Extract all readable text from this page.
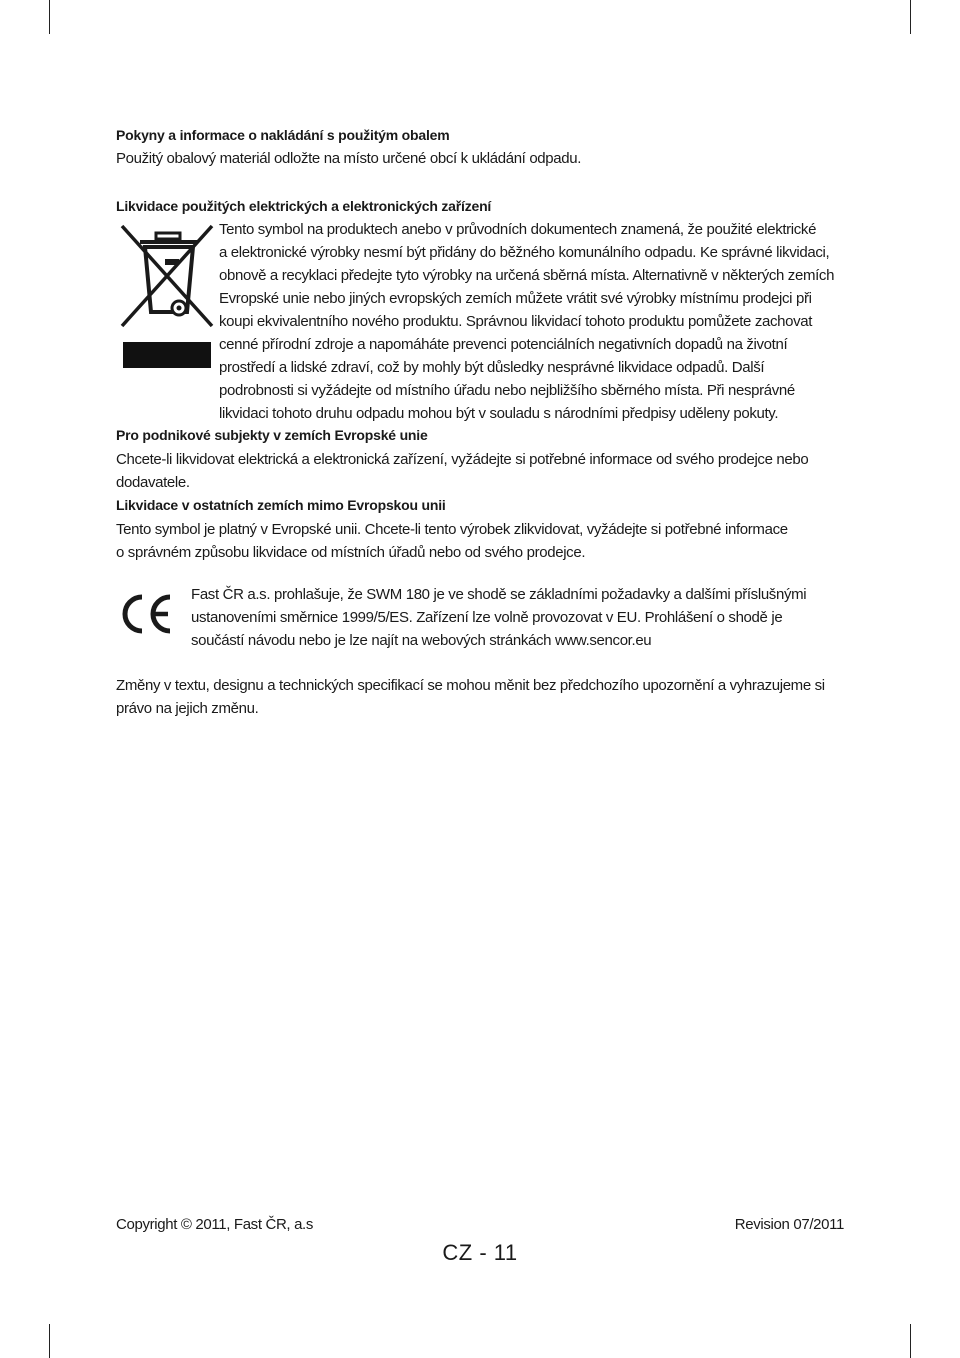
Pokyny a informace o nakládání s použitým obalem
Použitý obalový materiál odložte na místo určené obcí k ukládání odpadu.
Likvidace použitých elektrických a elektronických zařízení
Tento symbol na produktech anebo v průvodních dokumentech znamená, že použité elektrické
a elektronické výrobky nesmí být přidány do běžného komunálního odpadu. Ke správné likvidaci,
obnově a recyklaci předejte tyto výrobky na určená sběrná místa. Alternativně v některých zemích
Evropské unie nebo jiných evropských zemích můžete vrátit své výrobky místnímu prodejci při
koupi ekvivalentního nového produktu. Správnou likvidací tohoto produktu pomůžete zachovat
cenné přírodní zdroje a napomáháte prevenci potenciálních negativních dopadů na životní
prostředí a lidské zdraví, což by mohly být důsledky nesprávné likvidace odpadů. Další
podrobnosti si vyžádejte od místního úřadu nebo nejbližšího sběrného místa. Při nesprávné
likvidaci tohoto druhu odpadu mohou být v souladu s národními předpisy uděleny pokuty.
Pro podnikové subjekty v zemích Evropské unie
Chcete-li likvidovat elektrická a elektronická zařízení, vyžádejte si potřebné informace od svého prodejce nebo
dodavatele.
Likvidace v ostatních zemích mimo Evropskou unii
Tento symbol je platný v Evropské unii. Chcete-li tento výrobek zlikvidovat, vyžádejte si potřebné informace
o správném způsobu likvidace od místních úřadů nebo od svého prodejce.
Fast ČR a.s. prohlašuje, že SWM 180 je ve shodě se základními požadavky a dalšími příslušnými
ustanoveními směrnice 1999/5/ES. Zařízení lze volně provozovat v EU. Prohlášení o shodě je
součástí návodu nebo je lze najít na webových stránkách www.sencor.eu
Změny v textu, designu a technických specifikací se mohou měnit bez předchozího upozornění a vyhrazujeme si
právo na jejich změnu.
Copyright © 2011, Fast ČR, a.s	Revision 07/2011
CZ - 11
